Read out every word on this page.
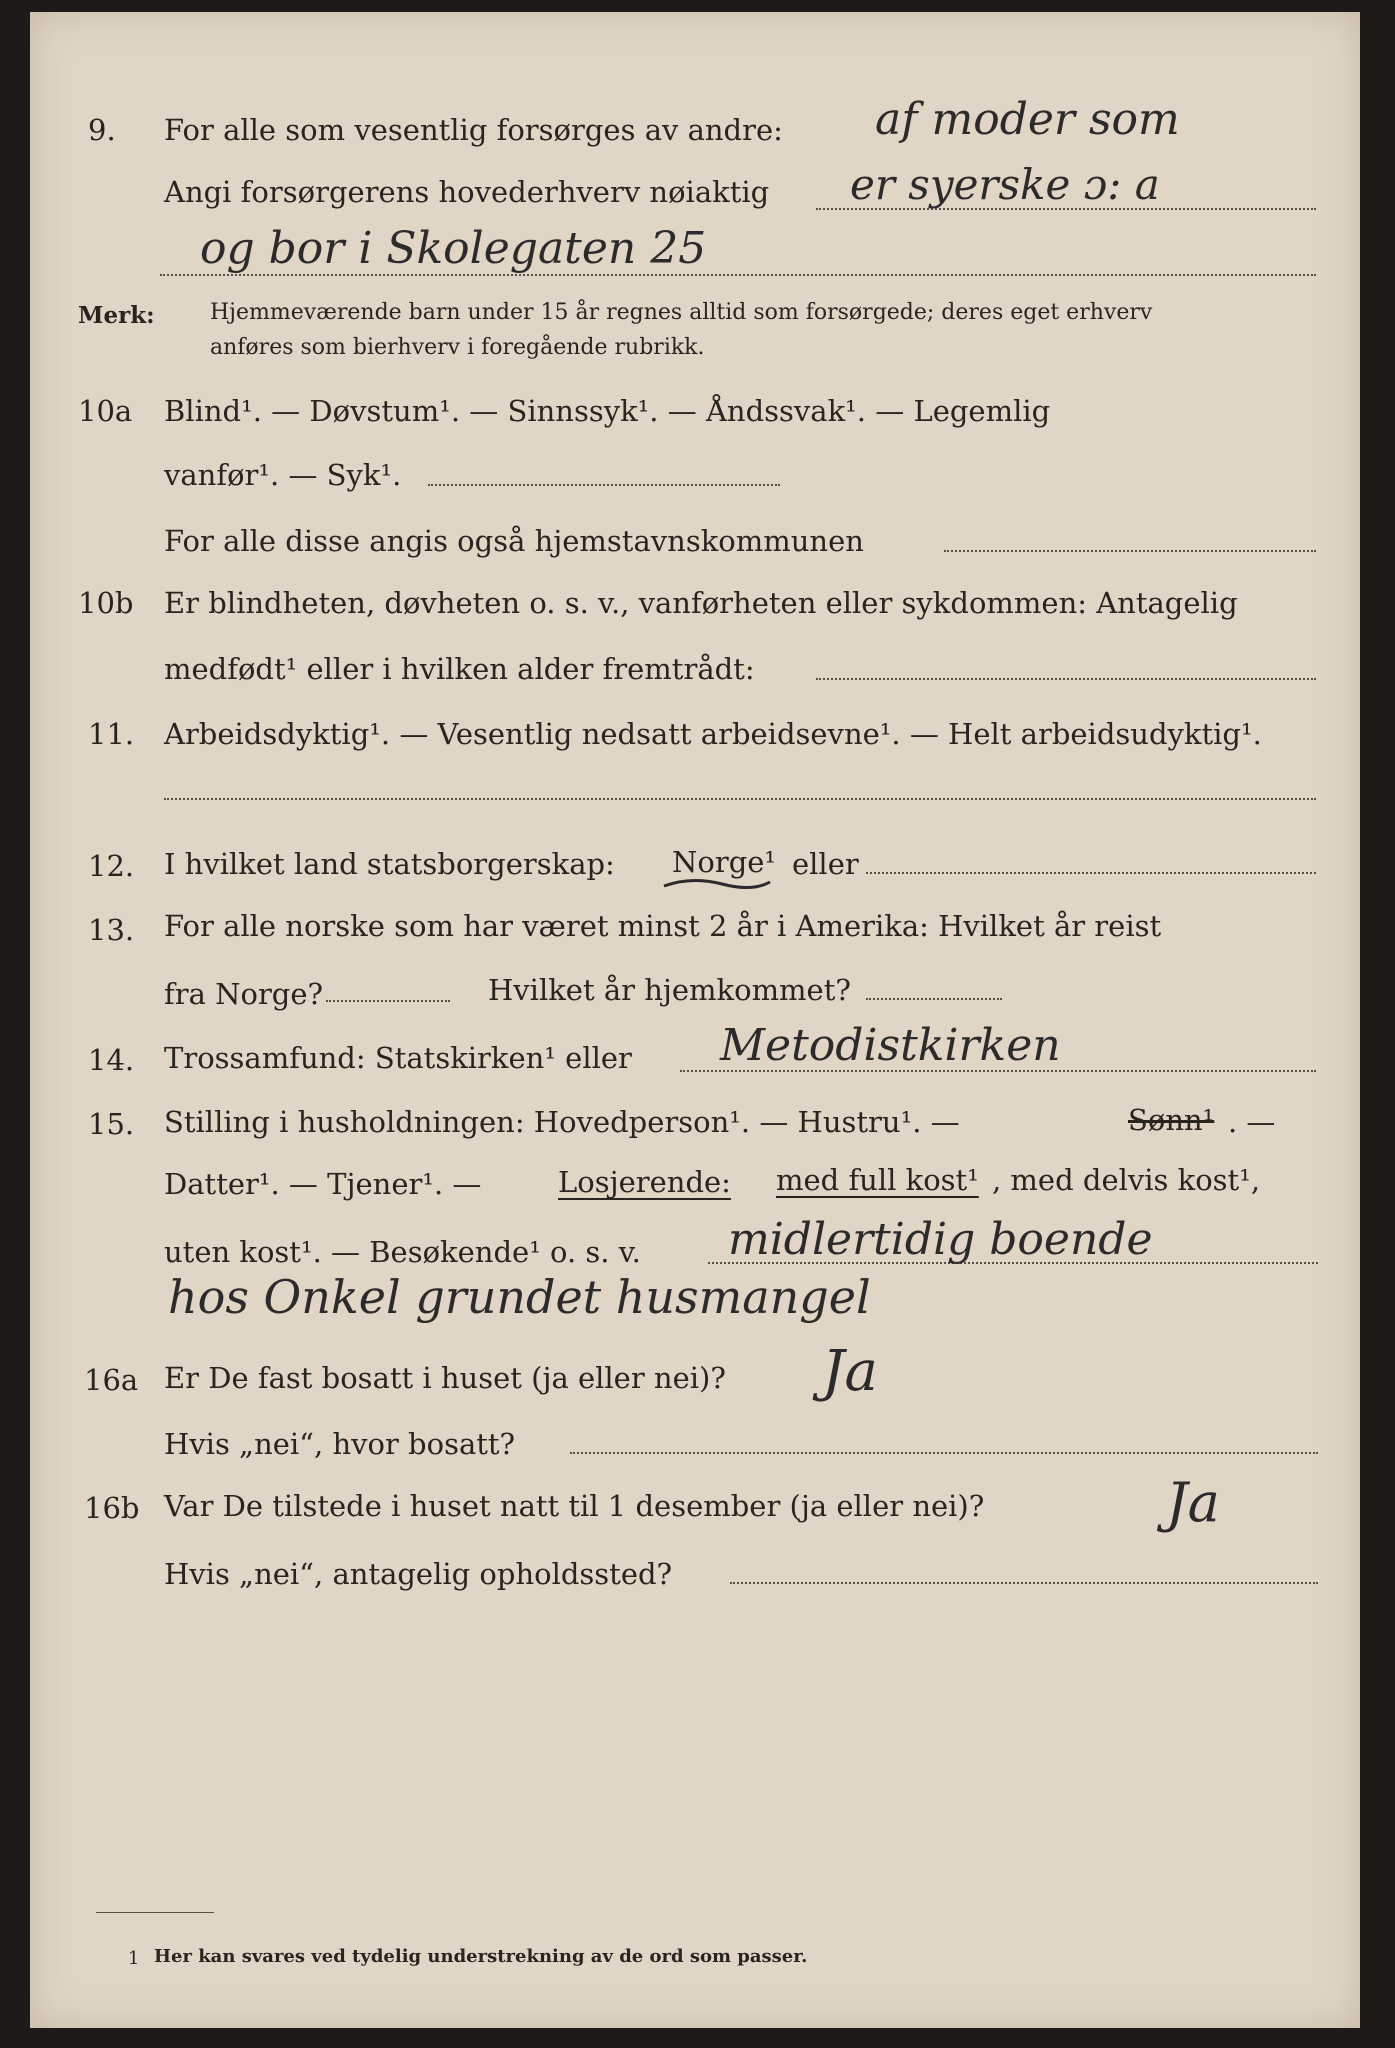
9. For alle som vesentlig forsørges av andre: af moder som
Angi forsørgerens hovederhverv nøiaktig er syerske ɔ: a
og bor i Skolegaten 25
Merk:	Hjemmeværende barn under 15 år regnes alltid som forsørgede; deres eget erhverv
anføres som bierhverv i foregående rubrikk.
10a Blind¹. — Døvstum¹. — Sinnssyk¹. — Åndssvak¹. — Legemlig
vanfør¹. — Syk¹.
For alle disse angis også hjemstavnskommunen
10b Er blindheten, døvheten o. s. v., vanførheten eller sykdommen: Antagelig
medfødt¹ eller i hvilken alder fremtrådt:
11. Arbeidsdyktig¹. — Vesentlig nedsatt arbeidsevne¹. — Helt arbeidsudyktig¹.
12. I hvilket land statsborgerskap: Norge¹ eller
13. For alle norske som har været minst 2 år i Amerika: Hvilket år reist
fra Norge?	Hvilket år hjemkommet?
14. Trossamfund: Statskirken¹ eller Metodistkirken
15. Stilling i husholdningen: Hovedperson¹. — Hustru¹. —	Sønn¹ . —
Datter¹. — Tjener¹. —	Losjerende: med full kost¹ , med delvis kost¹,
uten kost¹. — Besøkende¹ o. s. v. midlertidig boende
hos Onkel grundet husmangel
16a Er De fast bosatt i huset (ja eller nei)? Ja
Hvis „nei“, hvor bosatt?
16b Var De tilstede i huset natt til 1 desember (ja eller nei)?	Ja
Hvis „nei“, antagelig opholdssted?
1 Her kan svares ved tydelig understrekning av de ord som passer.
